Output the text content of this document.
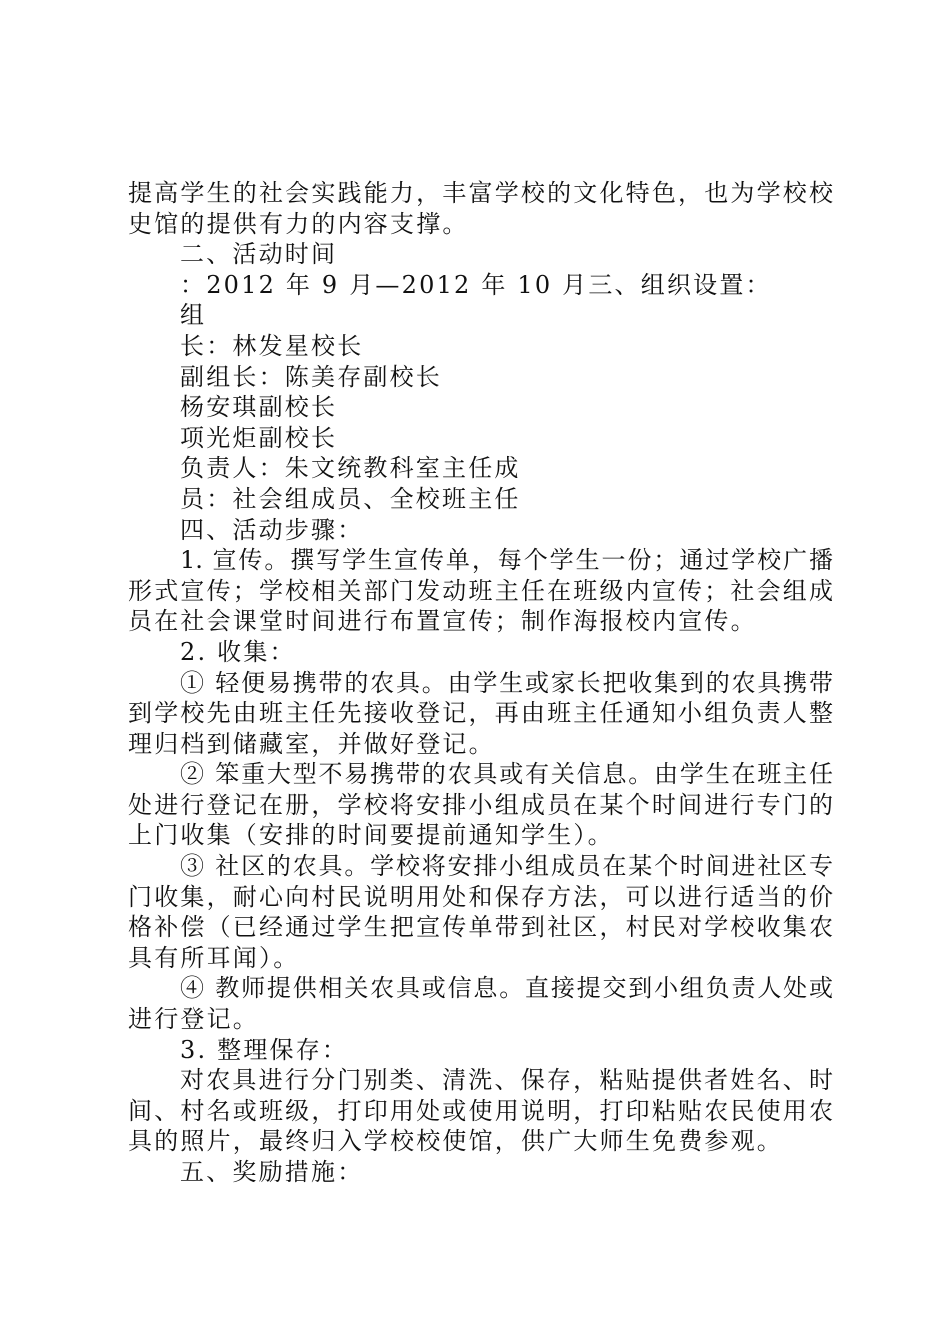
提高学生的社会实践能力，丰富学校的文化特色，也为学校校

史馆的提供有力的内容支撑。

二、活动时间

：2012 年 9 月—2012 年 10 月三、组织设置：

组

长：林发星校长

副组长：陈美存副校长

杨安琪副校长

项光炬副校长

负责人：朱文统教科室主任成

员：社会组成员、全校班主任

四、活动步骤：

1. 宣传。撰写学生宣传单，每个学生一份；通过学校广播

形式宣传；学校相关部门发动班主任在班级内宣传；社会组成

员在社会课堂时间进行布置宣传；制作海报校内宣传。

2. 收集：

① 轻便易携带的农具。由学生或家长把收集到的农具携带

到学校先由班主任先接收登记，再由班主任通知小组负责人整

理归档到储藏室，并做好登记。

② 笨重大型不易携带的农具或有关信息。由学生在班主任

处进行登记在册，学校将安排小组成员在某个时间进行专门的

上门收集（安排的时间要提前通知学生）。

③ 社区的农具。学校将安排小组成员在某个时间进社区专

门收集，耐心向村民说明用处和保存方法，可以进行适当的价

格补偿（已经通过学生把宣传单带到社区，村民对学校收集农

具有所耳闻）。

④ 教师提供相关农具或信息。直接提交到小组负责人处或

进行登记。

3. 整理保存：

对农具进行分门别类、清洗、保存，粘贴提供者姓名、时

间、村名或班级，打印用处或使用说明，打印粘贴农民使用农

具的照片，最终归入学校校使馆，供广大师生免费参观。

五、奖励措施：
